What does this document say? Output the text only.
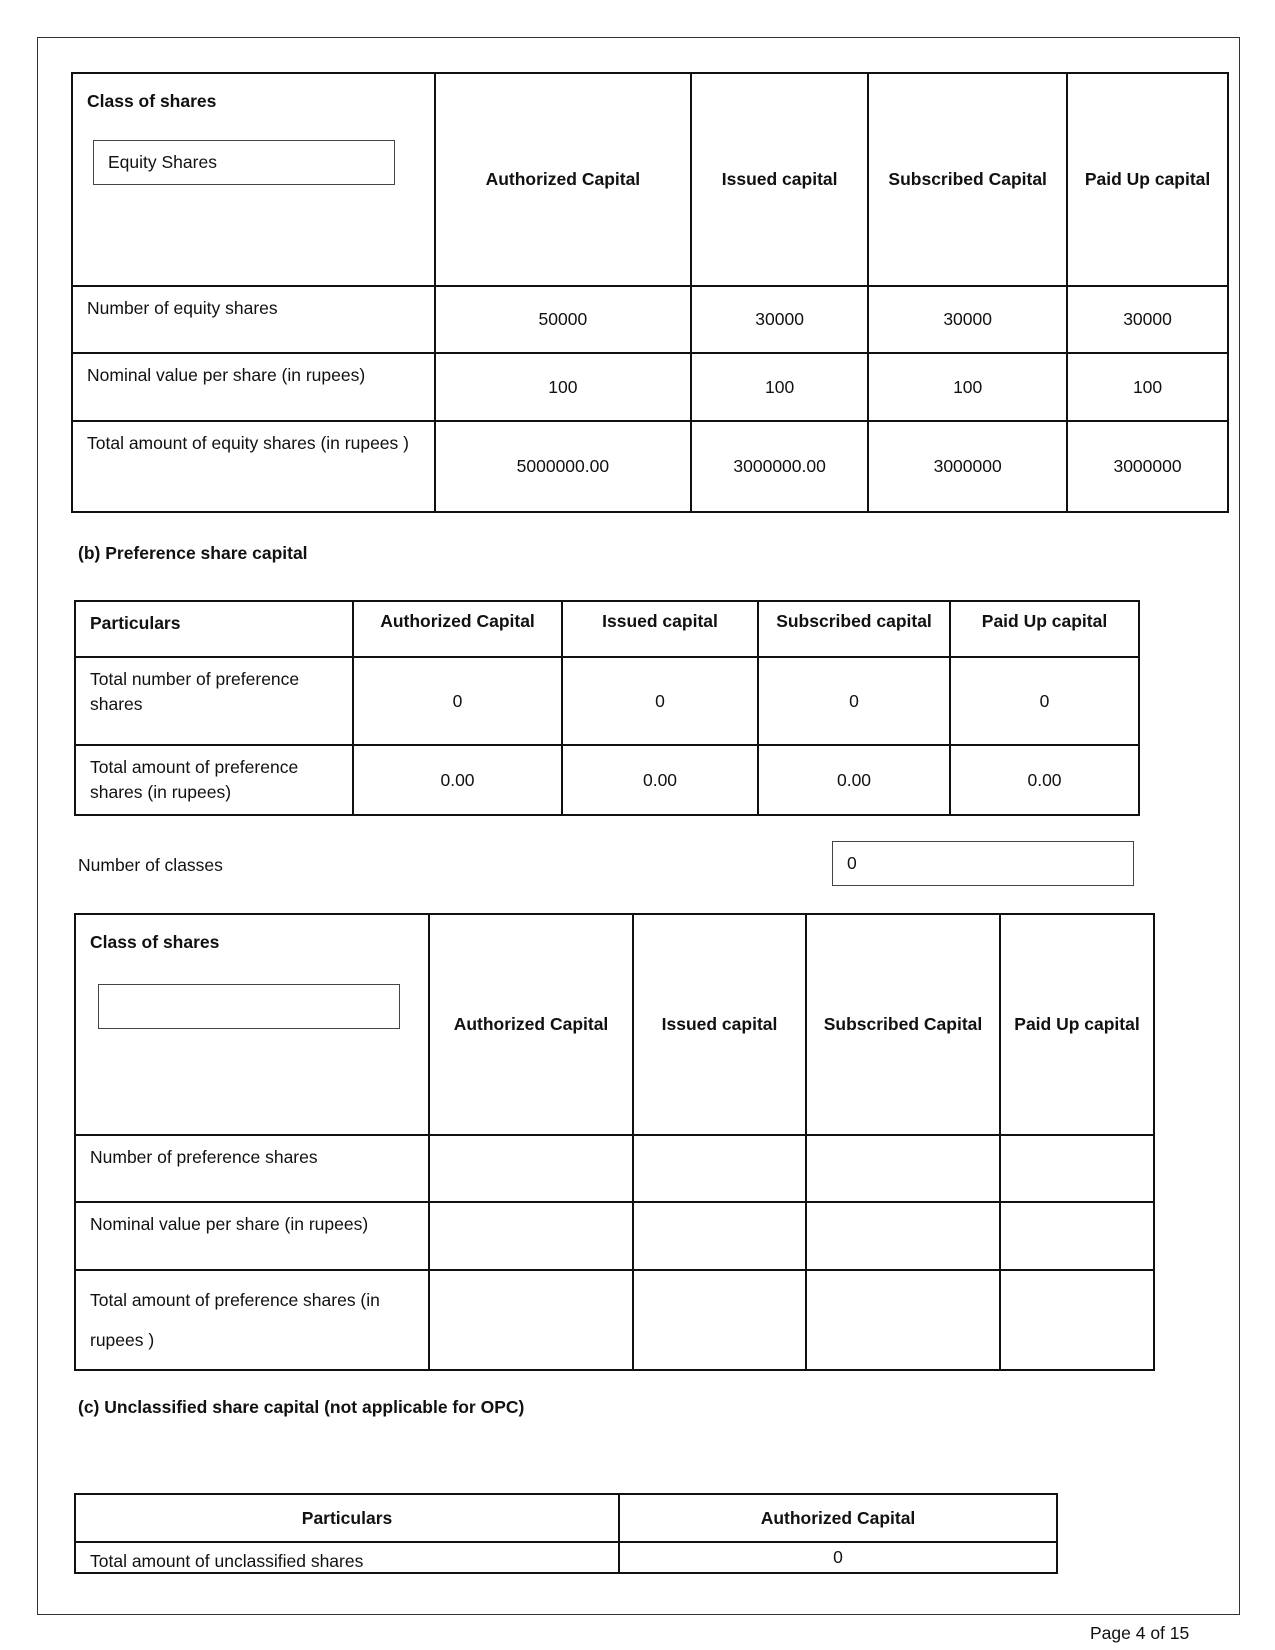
Class of shares
Equity Shares	Authorized Capital	Issued capital	Subscribed Capital	Paid Up capital
Number of equity shares	50000	30000	30000	30000
Nominal value per share (in rupees)	100	100	100	100
Total amount of equity shares (in rupees )	5000000.00	3000000.00	3000000	3000000
(b) Preference share capital
Particulars	Authorized Capital	Issued capital	Subscribed capital	Paid Up capital
Total number of preference shares	0	0	0	0
Total amount of preference shares (in rupees)	0.00	0.00	0.00	0.00
Number of classes	0
Class of shares	Authorized Capital	Issued capital	Subscribed Capital	Paid Up capital
Number of preference shares				
Nominal value per share (in rupees)				
Total amount of preference shares (in rupees )				
(c) Unclassified share capital (not applicable for OPC)
Particulars	Authorized Capital
Total amount of unclassified shares	0
Page 4 of 15
